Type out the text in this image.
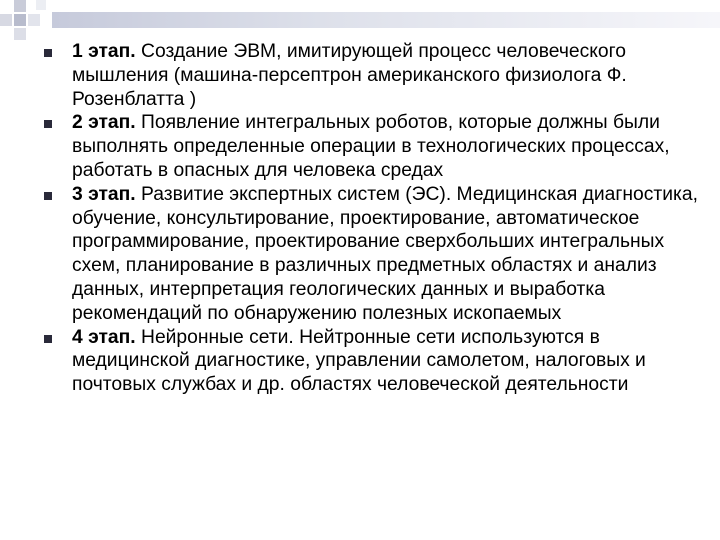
1 этап. Создание ЭВМ, имитирующей процесс человеческого мышления (машина-персептрон американского физиолога Ф. Розенблатта )
2 этап. Появление интегральных роботов, которые должны были выполнять определенные операции в технологических процессах, работать в опасных для человека средах
3 этап. Развитие экспертных систем (ЭС). Медицинская диагностика, обучение, консультирование, проектирование, автоматическое программирование, проектирование сверхбольших интегральных схем, планирование в различных предметных областях и анализ данных, интерпретация геологических данных и выработка рекомендаций по обнаружению полезных ископаемых
4 этап. Нейронные сети. Нейтронные сети используются в медицинской диагностике, управлении самолетом, налоговых и почтовых службах и др. областях человеческой деятельности
